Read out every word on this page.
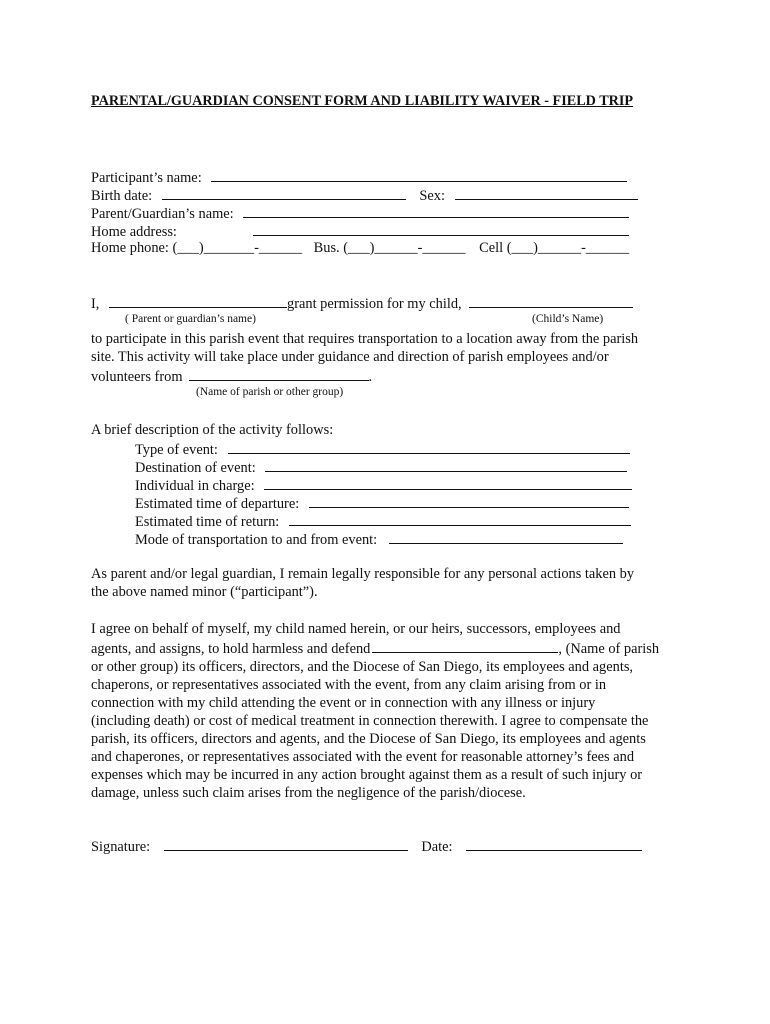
PARENTAL/GUARDIAN CONSENT FORM AND LIABILITY WAIVER - FIELD TRIP
Participant’s name:
Birth date:	Sex:
Parent/Guardian’s name:
Home address:
Home phone: (___)_______-______ Bus. (___)______-______ Cell (___)______-______
I,	grant permission for my child,
( Parent or guardian’s name)	(Child’s Name)
to participate in this parish event that requires transportation to a location away from the parish
site. This activity will take place under guidance and direction of parish employees and/or
volunteers from	.
(Name of parish or other group)
A brief description of the activity follows:
Type of event:
Destination of event:
Individual in charge:
Estimated time of departure:
Estimated time of return:
Mode of transportation to and from event:
As parent and/or legal guardian, I remain legally responsible for any personal actions taken by
the above named minor (“participant”).
I agree on behalf of myself, my child named herein, or our heirs, successors, employees and
agents, and assigns, to hold harmless and defend	, (Name of parish
or other group) its officers, directors, and the Diocese of San Diego, its employees and agents,
chaperons, or representatives associated with the event, from any claim arising from or in
connection with my child attending the event or in connection with any illness or injury
(including death) or cost of medical treatment in connection therewith. I agree to compensate the
parish, its officers, directors and agents, and the Diocese of San Diego, its employees and agents
and chaperones, or representatives associated with the event for reasonable attorney’s fees and
expenses which may be incurred in any action brought against them as a result of such injury or
damage, unless such claim arises from the negligence of the parish/diocese.
Signature:	Date:
